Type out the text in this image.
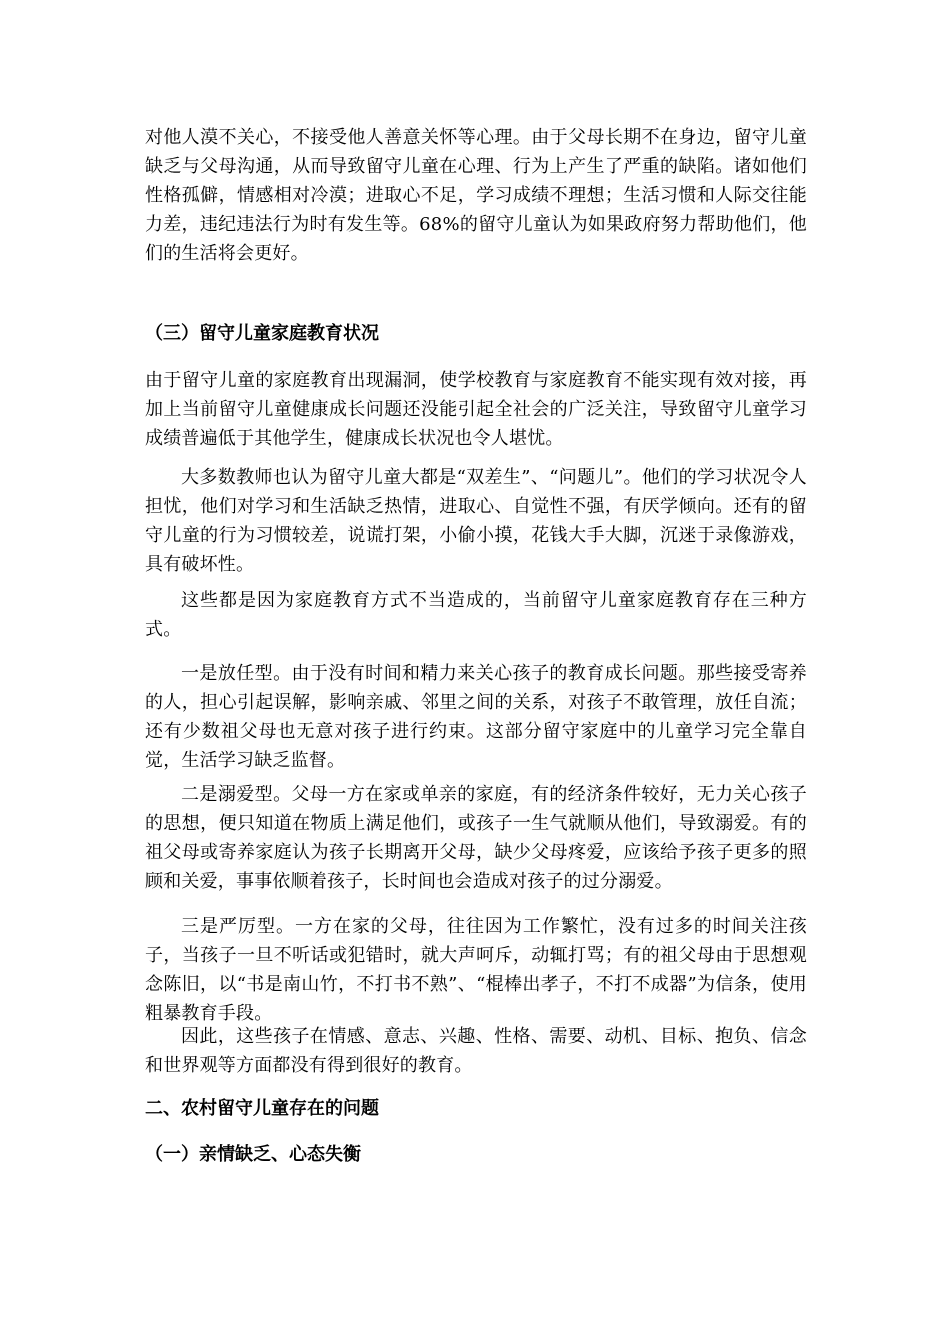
对他人漠不关心，不接受他人善意关怀等心理。由于父母长期不在身边，留守儿童缺乏与父母沟通，从而导致留守儿童在心理、行为上产生了严重的缺陷。诸如他们性格孤僻，情感相对冷漠；进取心不足，学习成绩不理想；生活习惯和人际交往能力差，违纪违法行为时有发生等。68%的留守儿童认为如果政府努力帮助他们，他们的生活将会更好。

（三）留守儿童家庭教育状况

由于留守儿童的家庭教育出现漏洞，使学校教育与家庭教育不能实现有效对接，再加上当前留守儿童健康成长问题还没能引起全社会的广泛关注，导致留守儿童学习成绩普遍低于其他学生，健康成长状况也令人堪忧。

大多数教师也认为留守儿童大都是“双差生”、“问题儿”。他们的学习状况令人担忧，他们对学习和生活缺乏热情，进取心、自觉性不强，有厌学倾向。还有的留守儿童的行为习惯较差，说谎打架，小偷小摸，花钱大手大脚，沉迷于录像游戏，具有破坏性。

这些都是因为家庭教育方式不当造成的，当前留守儿童家庭教育存在三种方式。

一是放任型。由于没有时间和精力来关心孩子的教育成长问题。那些接受寄养的人，担心引起误解，影响亲戚、邻里之间的关系，对孩子不敢管理，放任自流；还有少数祖父母也无意对孩子进行约束。这部分留守家庭中的儿童学习完全靠自觉，生活学习缺乏监督。

二是溺爱型。父母一方在家或单亲的家庭，有的经济条件较好，无力关心孩子的思想，便只知道在物质上满足他们，或孩子一生气就顺从他们，导致溺爱。有的祖父母或寄养家庭认为孩子长期离开父母，缺少父母疼爱，应该给予孩子更多的照顾和关爱，事事依顺着孩子，长时间也会造成对孩子的过分溺爱。

三是严厉型。一方在家的父母，往往因为工作繁忙，没有过多的时间关注孩子，当孩子一旦不听话或犯错时，就大声呵斥，动辄打骂；有的祖父母由于思想观念陈旧，以“书是南山竹，不打书不熟”、“棍棒出孝子，不打不成器”为信条，使用粗暴教育手段。

因此，这些孩子在情感、意志、兴趣、性格、需要、动机、目标、抱负、信念和世界观等方面都没有得到很好的教育。

二、农村留守儿童存在的问题

（一）亲情缺乏、心态失衡
